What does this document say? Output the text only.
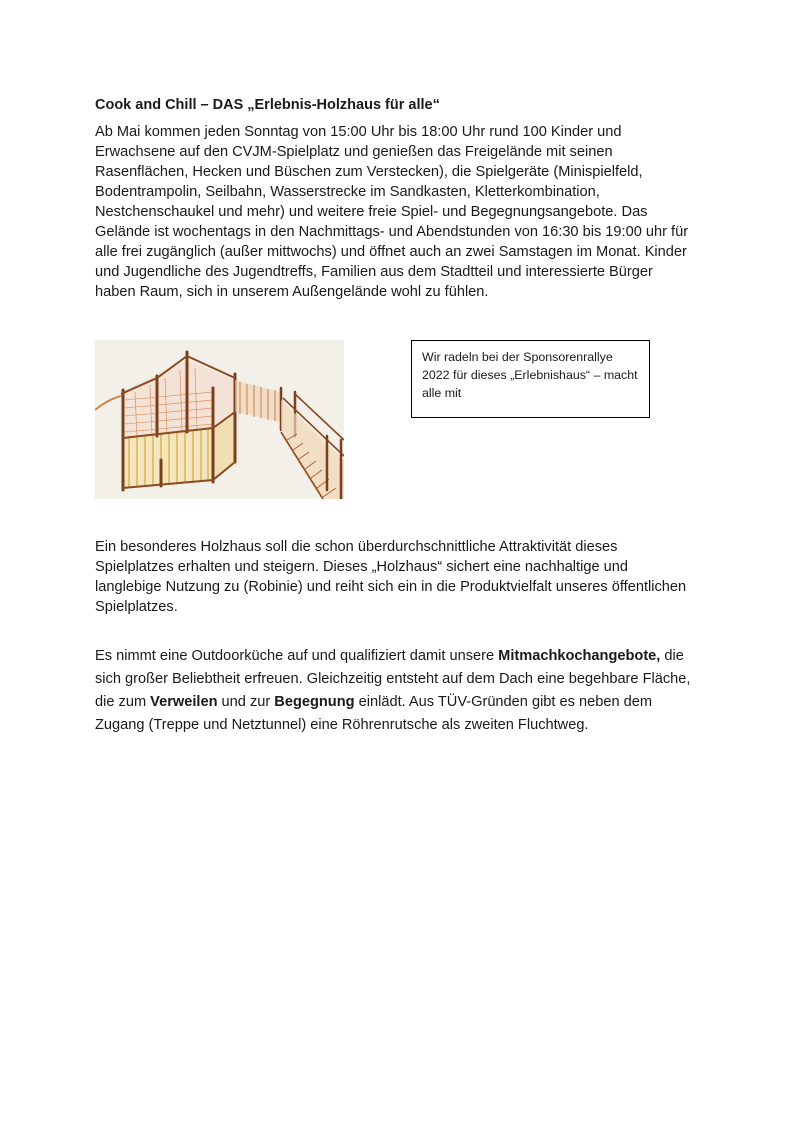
Cook and Chill – DAS „Erlebnis-Holzhaus für alle“

Ab Mai kommen jeden Sonntag von 15:00 Uhr bis 18:00 Uhr rund 100 Kinder und Erwachsene auf den CVJM-Spielplatz und genießen das Freigelände mit seinen Rasenflächen, Hecken und Büschen zum Verstecken), die Spielgeräte (Minispielfeld, Bodentrampolin, Seilbahn, Wasserstrecke im Sandkasten, Kletterkombination, Nestchenschaukel und mehr) und weitere freie Spiel- und Begegnungsangebote. Das Gelände ist wochentags in den Nachmittags- und Abendstunden von 16:30 bis 19:00 uhr für alle frei zugänglich (außer mittwochs) und öffnet auch an zwei Samstagen im Monat. Kinder und Jugendliche des Jugendtreffs, Familien aus dem Stadtteil und interessierte Bürger haben Raum, sich in unserem Außengelände wohl zu fühlen.

Wir radeln bei der Sponsorenrallye 2022 für dieses „Erlebnishaus“ – macht alle mit

Ein besonderes Holzhaus soll die schon überdurchschnittliche Attraktivität dieses Spielplatzes erhalten und steigern. Dieses „Holzhaus“ sichert eine nachhaltige und langlebige Nutzung zu (Robinie) und reiht sich ein in die Produktvielfalt unseres öffentlichen Spielplatzes.

Es nimmt eine Outdoorküche auf und qualifiziert damit unsere Mitmachkochangebote, die sich großer Beliebtheit erfreuen. Gleichzeitig entsteht auf dem Dach eine begehbare Fläche, die zum Verweilen und zur Begegnung einlädt. Aus TÜV-Gründen gibt es neben dem Zugang (Treppe und Netztunnel) eine Röhrenrutsche als zweiten Fluchtweg.
